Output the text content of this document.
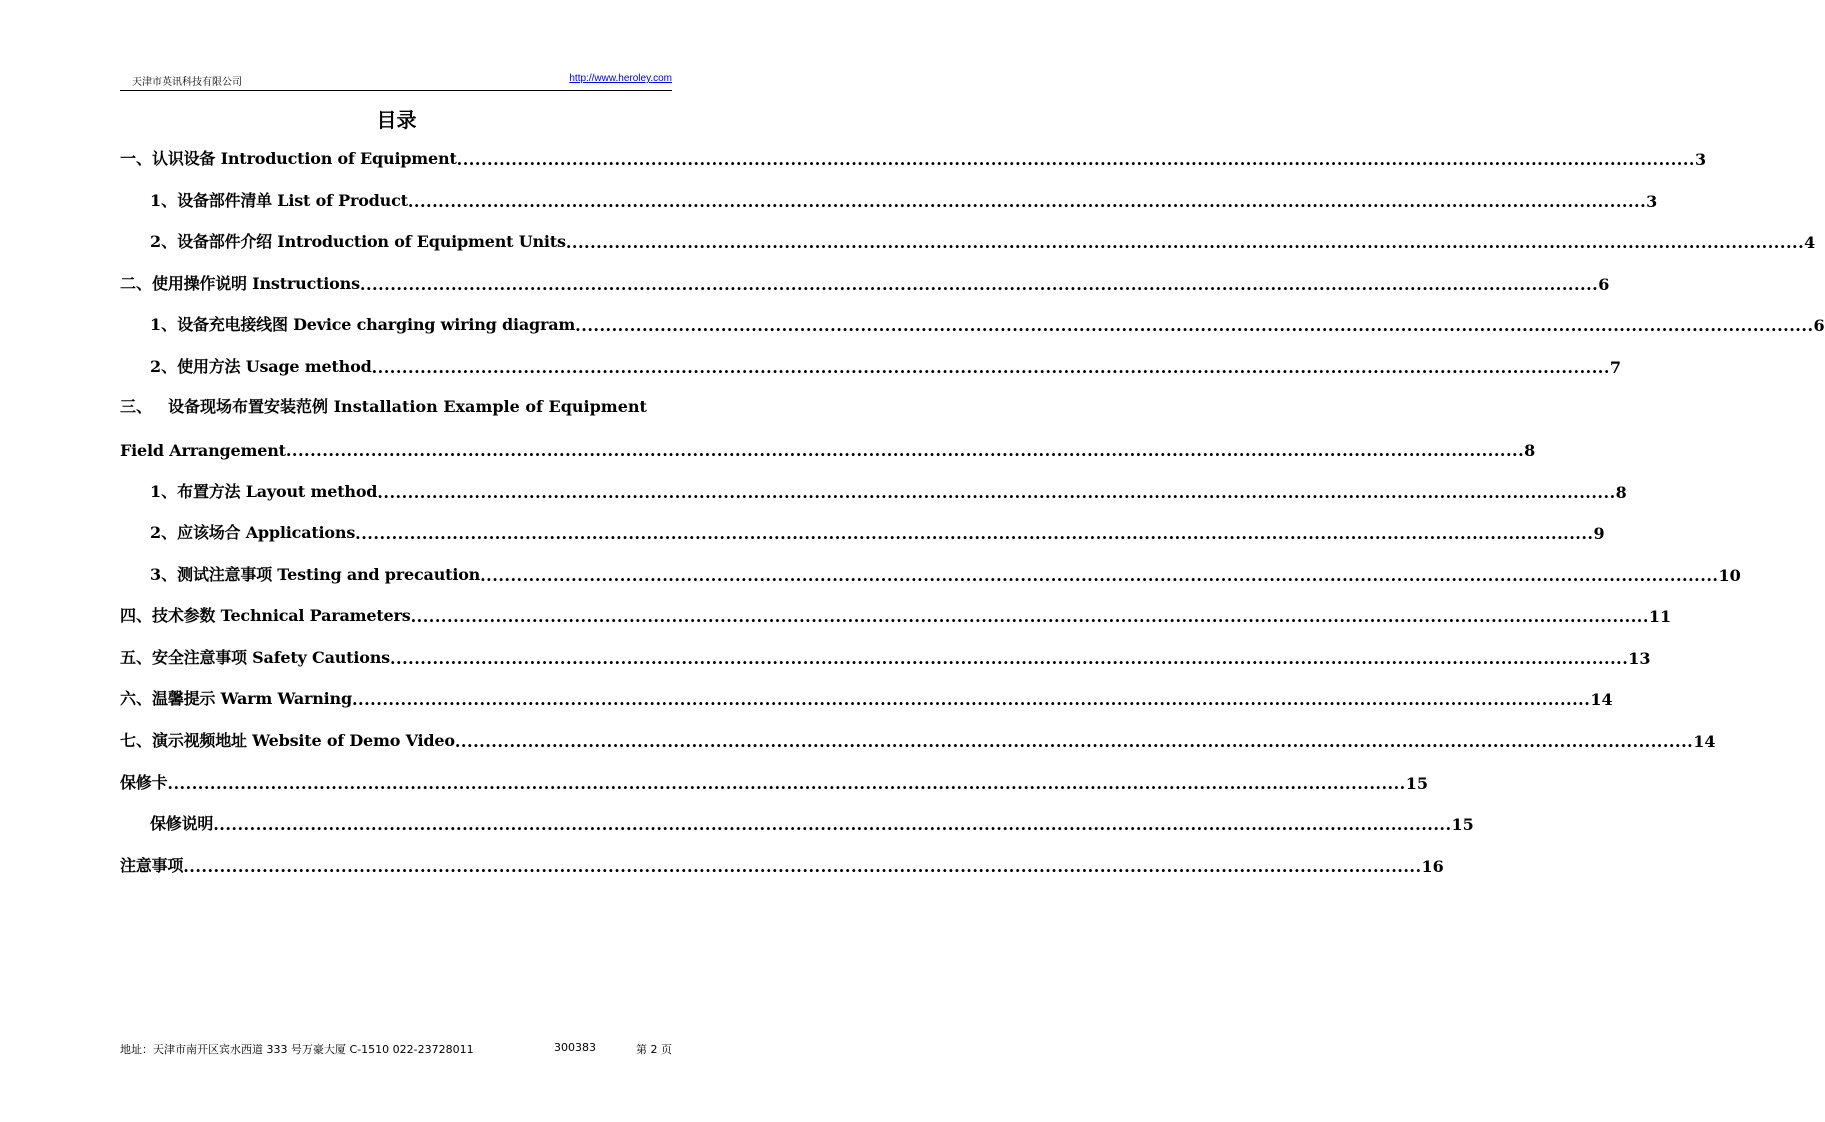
天津市英讯科技有限公司	http://www.heroley.com
目录
一、 认识设备 Introduction of Equipment .....	3
1、 设备部件清单 List of Product .....	3
2、 设备部件介绍 Introduction of Equipment Units .....	4
二、 使用操作说明 Instructions .....	6
1、 设备充电接线图 Device charging wiring diagram .....	6
2、 使用方法 Usage method .....	7
三、 设备现场布置安装范例 Installation Example of Equipment
Field Arrangement .....	8
1、 布置方法 Layout method .....	8
2、 应该场合 Applications .....	9
3、 测试注意事项 Testing and precaution .....	10
四、 技术参数 Technical Parameters .....	11
五、 安全注意事项 Safety Cautions .....	13
六、 温馨提示 Warm Warning .....	14
七、 演示视频地址 Website of Demo Video .....	14
保修卡 .....	15
保修说明 .....	15
注意事项 .....	16
地址：天津市南开区宾水西道 333 号万豪大厦 C-1510 022-23728011	300383	第 2 页
